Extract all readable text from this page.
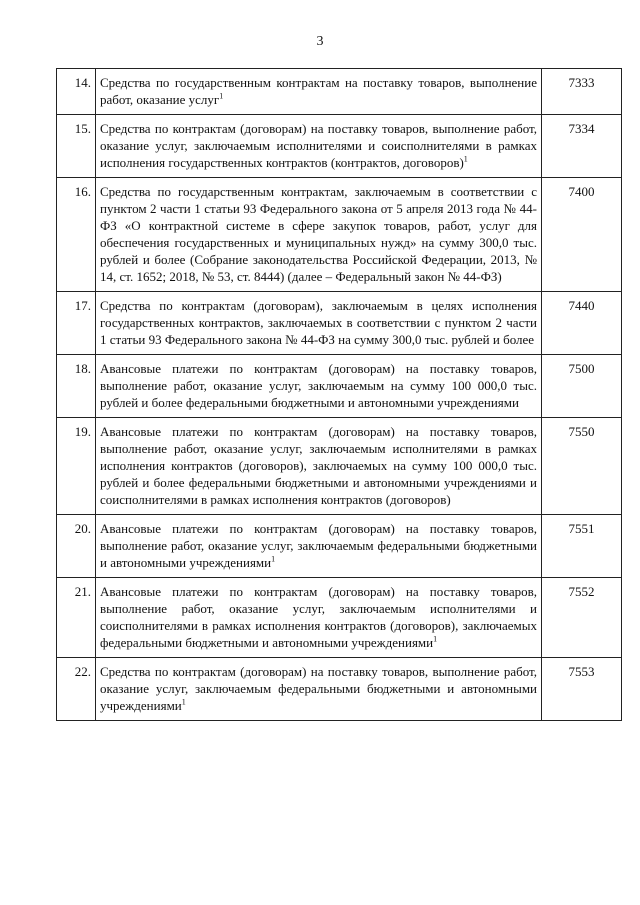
3
14.	Средства по государственным контрактам на поставку товаров, выполнение работ, оказание услуг$^1$	7333
15.	Средства по контрактам (договорам) на поставку товаров, выполнение работ, оказание услуг, заключаемым исполнителями и соисполнителями в рамках исполнения государственных контрактов (контрактов, договоров)$^1$	7334
16.	Средства по государственным контрактам, заключаемым в соответствии с пунктом 2 части 1 статьи 93 Федерального закона от 5 апреля 2013 года № 44-ФЗ «О контрактной системе в сфере закупок товаров, работ, услуг для обеспечения государственных и муниципальных нужд» на сумму 300,0 тыс. рублей и более (Собрание законодательства Российской Федерации, 2013, № 14, ст. 1652; 2018, № 53, ст. 8444) (далее – Федеральный закон № 44-ФЗ)	7400
17.	Средства по контрактам (договорам), заключаемым в целях исполнения государственных контрактов, заключаемых в соответствии с пунктом 2 части 1 статьи 93 Федерального закона № 44-ФЗ на сумму 300,0 тыс. рублей и более	7440
18.	Авансовые платежи по контрактам (договорам) на поставку товаров, выполнение работ, оказание услуг, заключаемым на сумму 100 000,0 тыс. рублей и более федеральными бюджетными и автономными учреждениями	7500
19.	Авансовые платежи по контрактам (договорам) на поставку товаров, выполнение работ, оказание услуг, заключаемым исполнителями в рамках исполнения контрактов (договоров), заключаемых на сумму 100 000,0 тыс. рублей и более федеральными бюджетными и автономными учреждениями и соисполнителями в рамках исполнения контрактов (договоров)	7550
20.	Авансовые платежи по контрактам (договорам) на поставку товаров, выполнение работ, оказание услуг, заключаемым федеральными бюджетными и автономными учреждениями$^1$	7551
21.	Авансовые платежи по контрактам (договорам) на поставку товаров, выполнение работ, оказание услуг, заключаемым исполнителями и соисполнителями в рамках исполнения контрактов (договоров), заключаемых федеральными бюджетными и автономными учреждениями$^1$	7552
22.	Средства по контрактам (договорам) на поставку товаров, выполнение работ, оказание услуг, заключаемым федеральными бюджетными и автономными учреждениями$^1$	7553
